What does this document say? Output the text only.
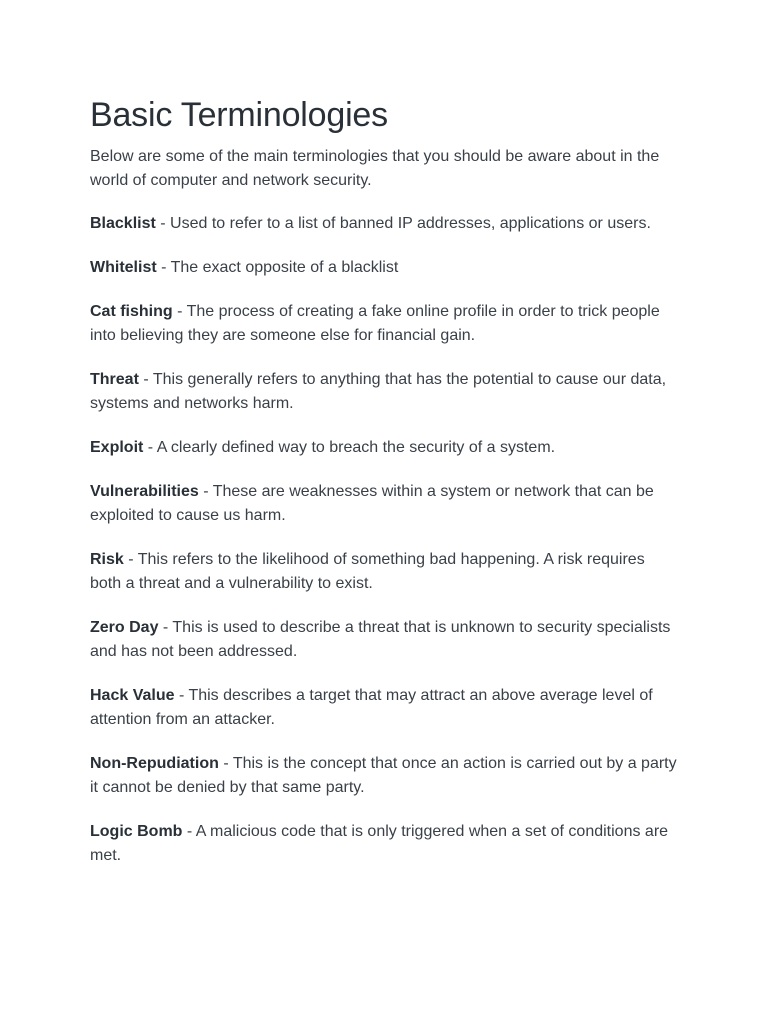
Basic Terminologies

Below are some of the main terminologies that you should be aware about in the world of computer and network security.

Blacklist - Used to refer to a list of banned IP addresses, applications or users.

Whitelist - The exact opposite of a blacklist

Cat fishing - The process of creating a fake online profile in order to trick people into believing they are someone else for financial gain.

Threat - This generally refers to anything that has the potential to cause our data, systems and networks harm.

Exploit - A clearly defined way to breach the security of a system.

Vulnerabilities - These are weaknesses within a system or network that can be exploited to cause us harm.

Risk - This refers to the likelihood of something bad happening. A risk requires both a threat and a vulnerability to exist.

Zero Day - This is used to describe a threat that is unknown to security specialists and has not been addressed.

Hack Value - This describes a target that may attract an above average level of attention from an attacker.

Non-Repudiation - This is the concept that once an action is carried out by a party it cannot be denied by that same party.

Logic Bomb - A malicious code that is only triggered when a set of conditions are met.
